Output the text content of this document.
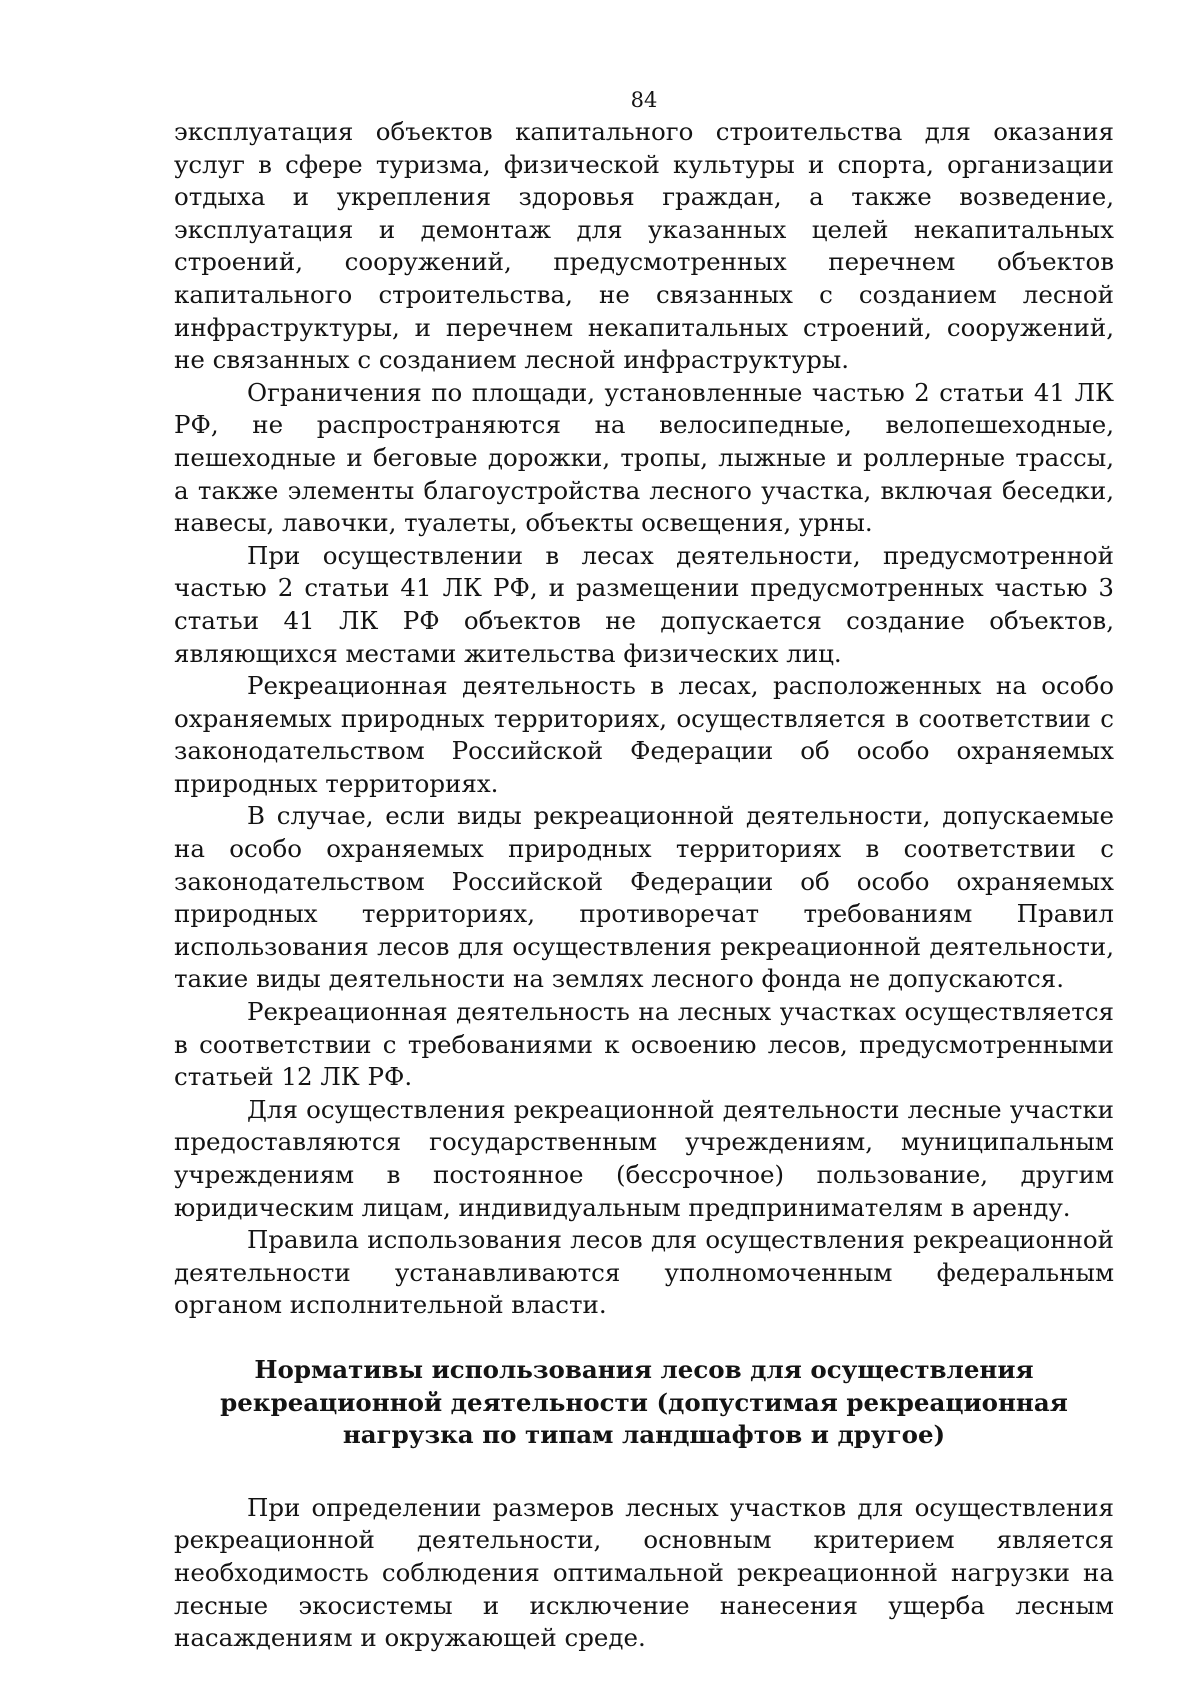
84

эксплуатация объектов капитального строительства для оказания услуг в сфере туризма, физической культуры и спорта, организации отдыха и укрепления здоровья граждан, а также возведение, эксплуатация и демонтаж для указанных целей некапитальных строений, сооружений, предусмотренных перечнем объектов капитального строительства, не связанных с созданием лесной инфраструктуры, и перечнем некапитальных строений, сооружений, не связанных с созданием лесной инфраструктуры.

Ограничения по площади, установленные частью 2 статьи 41 ЛК РФ, не распространяются на велосипедные, велопешеходные, пешеходные и беговые дорожки, тропы, лыжные и роллерные трассы, а также элементы благоустройства лесного участка, включая беседки, навесы, лавочки, туалеты, объекты освещения, урны.

При осуществлении в лесах деятельности, предусмотренной частью 2 статьи 41 ЛК РФ, и размещении предусмотренных частью 3 статьи 41 ЛК РФ объектов не допускается создание объектов, являющихся местами жительства физических лиц.

Рекреационная деятельность в лесах, расположенных на особо охраняемых природных территориях, осуществляется в соответствии с законодательством Российской Федерации об особо охраняемых природных территориях.

В случае, если виды рекреационной деятельности, допускаемые на особо охраняемых природных территориях в соответствии с законодательством Российской Федерации об особо охраняемых природных территориях, противоречат требованиям Правил использования лесов для осуществления рекреационной деятельности, такие виды деятельности на землях лесного фонда не допускаются.

Рекреационная деятельность на лесных участках осуществляется в соответствии с требованиями к освоению лесов, предусмотренными статьей 12 ЛК РФ.

Для осуществления рекреационной деятельности лесные участки предоставляются государственным учреждениям, муниципальным учреждениям в постоянное (бессрочное) пользование, другим юридическим лицам, индивидуальным предпринимателям в аренду.

Правила использования лесов для осуществления рекреационной деятельности устанавливаются уполномоченным федеральным органом исполнительной власти.

Нормативы использования лесов для осуществления
рекреационной деятельности (допустимая рекреационная
нагрузка по типам ландшафтов и другое)

При определении размеров лесных участков для осуществления рекреационной деятельности, основным критерием является необходимость соблюдения оптимальной рекреационной нагрузки на лесные экосистемы и исключение нанесения ущерба лесным насаждениям и окружающей среде.
